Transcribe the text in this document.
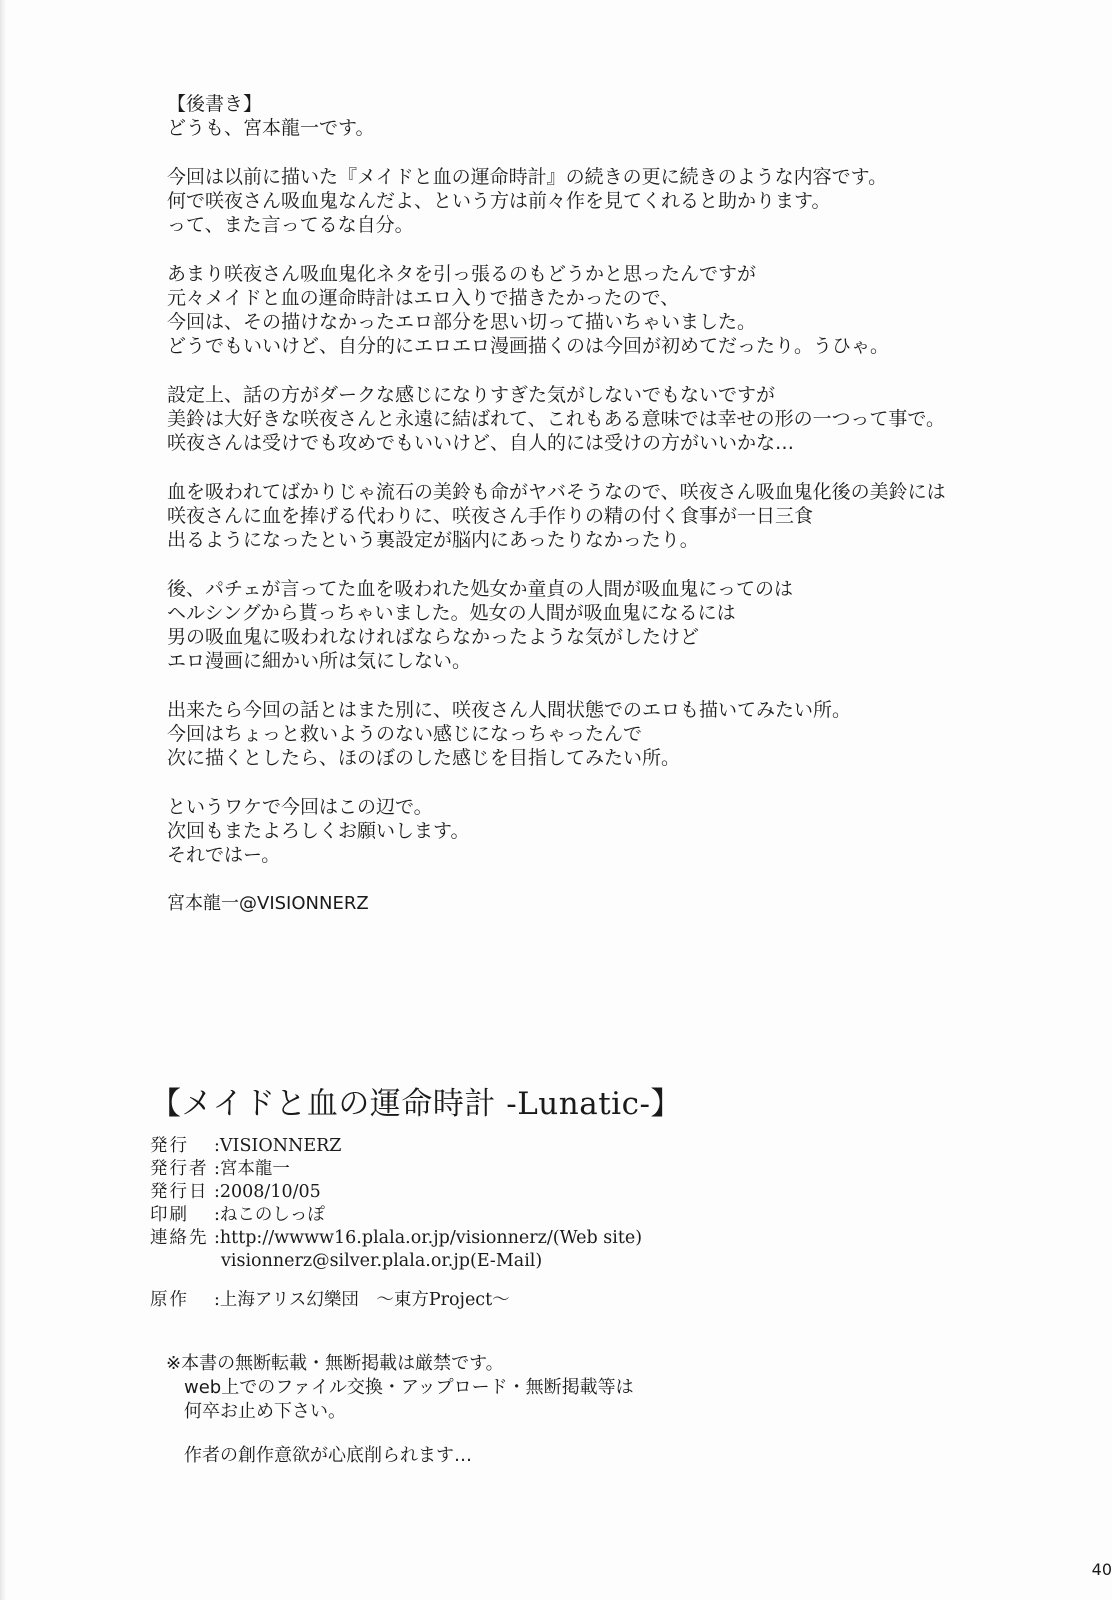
【後書き】
どうも、宮本龍一です。
今回は以前に描いた『メイドと血の運命時計』の続きの更に続きのような内容です。
何で咲夜さん吸血鬼なんだよ、という方は前々作を見てくれると助かります。
って、また言ってるな自分。
あまり咲夜さん吸血鬼化ネタを引っ張るのもどうかと思ったんですが
元々メイドと血の運命時計はエロ入りで描きたかったので、
今回は、その描けなかったエロ部分を思い切って描いちゃいました。
どうでもいいけど、自分的にエロエロ漫画描くのは今回が初めてだったり。うひゃ。
設定上、話の方がダークな感じになりすぎた気がしないでもないですが
美鈴は大好きな咲夜さんと永遠に結ばれて、これもある意味では幸せの形の一つって事で。
咲夜さんは受けでも攻めでもいいけど、自人的には受けの方がいいかな…
血を吸われてばかりじゃ流石の美鈴も命がヤバそうなので、咲夜さん吸血鬼化後の美鈴には
咲夜さんに血を捧げる代わりに、咲夜さん手作りの精の付く食事が一日三食
出るようになったという裏設定が脳内にあったりなかったり。
後、パチェが言ってた血を吸われた処女か童貞の人間が吸血鬼にってのは
ヘルシングから貰っちゃいました。処女の人間が吸血鬼になるには
男の吸血鬼に吸われなければならなかったような気がしたけど
エロ漫画に細かい所は気にしない。
出来たら今回の話とはまた別に、咲夜さん人間状態でのエロも描いてみたい所。
今回はちょっと救いようのない感じになっちゃったんで
次に描くとしたら、ほのぼのした感じを目指してみたい所。
というワケで今回はこの辺で。
次回もまたよろしくお願いします。
それではー。
宮本龍一@VISIONNERZ
【メイドと血の運命時計 -Lunatic-】
発行	:VISIONNERZ
発行者 :宮本龍一
発行日 :2008/10/05
印刷	:ねこのしっぽ
連絡先 :http://wwww16.plala.or.jp/visionnerz/(Web site)
visionnerz@silver.plala.or.jp(E-Mail)
原作	:上海アリス幻樂団　～東方Project～
※本書の無断転載・無断掲載は厳禁です。
web上でのファイル交換・アップロード・無断掲載等は
何卒お止め下さい。
作者の創作意欲が心底削られます…
40
